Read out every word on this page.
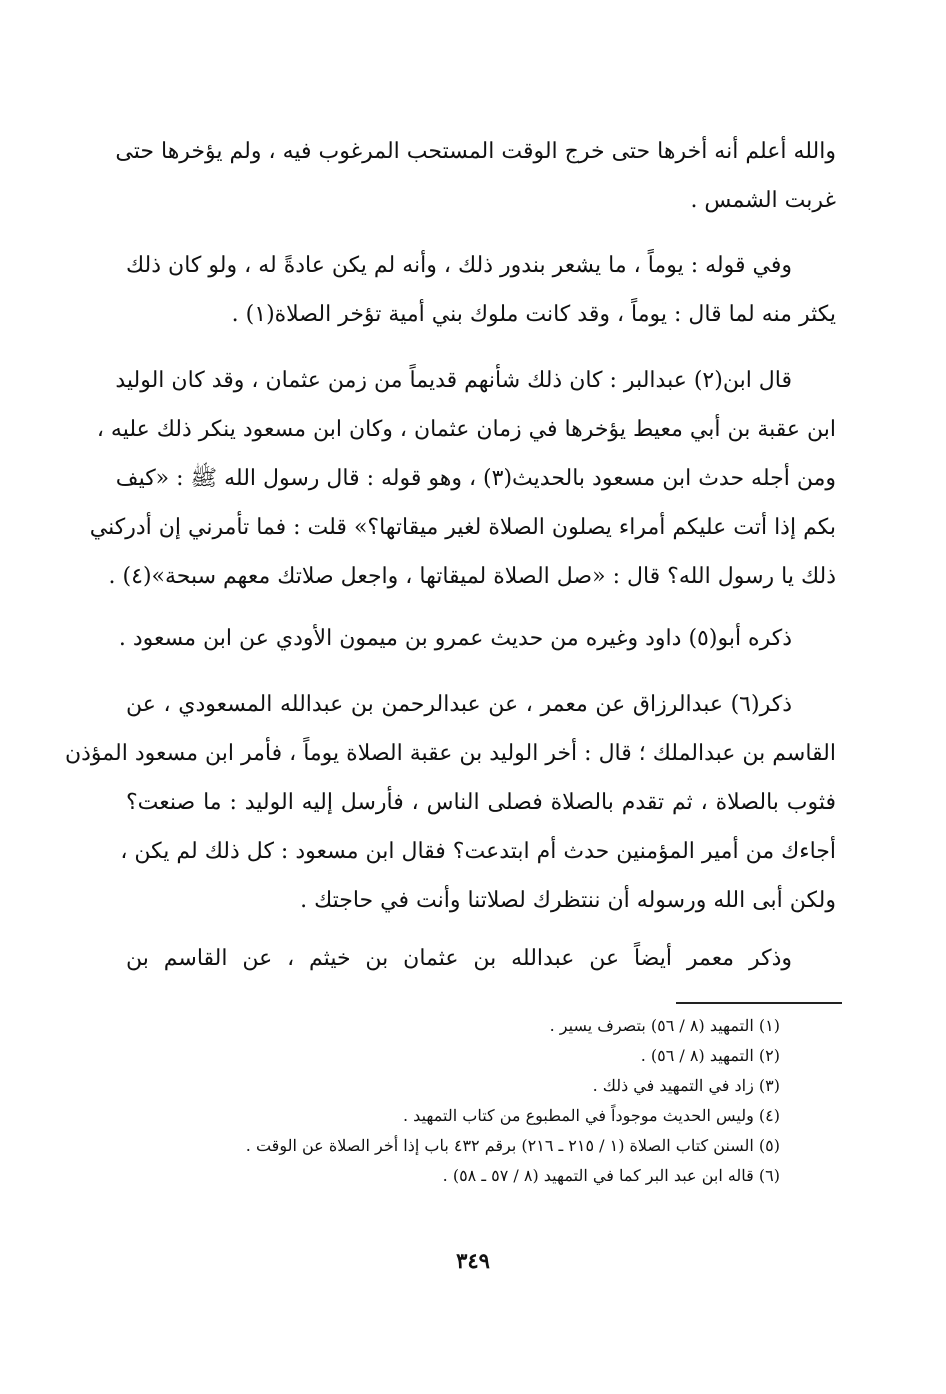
والله أعلم أنه أخرها حتى خرج الوقت المستحب المرغوب فيه ، ولم يؤخرها حتى
غربت الشمس .

وفي قوله : يوماً ، ما يشعر بندور ذلك ، وأنه لم يكن عادةً له ، ولو كان ذلك
يكثر منه لما قال : يوماً ، وقد كانت ملوك بني أمية تؤخر الصلاة(١) .

قال ابن(٢) عبدالبر : كان ذلك شأنهم قديماً من زمن عثمان ، وقد كان الوليد
ابن عقبة بن أبي معيط يؤخرها في زمان عثمان ، وكان ابن مسعود ينكر ذلك عليه ،
ومن أجله حدث ابن مسعود بالحديث(٣) ، وهو قوله : قال رسول الله ﷺ : «كيف
بكم إذا أتت عليكم أمراء يصلون الصلاة لغير ميقاتها؟» قلت : فما تأمرني إن أدركني
ذلك يا رسول الله؟ قال : «صل الصلاة لميقاتها ، واجعل صلاتك معهم سبحة»(٤) .

ذكره أبو(٥) داود وغيره من حديث عمرو بن ميمون الأودي عن ابن مسعود .

ذكر(٦) عبدالرزاق عن معمر ، عن عبدالرحمن بن عبدالله المسعودي ، عن
القاسم بن عبدالملك ؛ قال : أخر الوليد بن عقبة الصلاة يوماً ، فأمر ابن مسعود المؤذن
فثوب بالصلاة ، ثم تقدم بالصلاة فصلى الناس ، فأرسل إليه الوليد : ما صنعت؟
أجاءك من أمير المؤمنين حدث أم ابتدعت؟ فقال ابن مسعود : كل ذلك لم يكن ،
ولكن أبى الله ورسوله أن ننتظرك لصلاتنا وأنت في حاجتك .

وذكر معمر أيضاً عن عبدالله بن عثمان بن خيثم ، عن القاسم بن

(١) التمهيد (٨ / ٥٦) بتصرف يسير .
(٢) التمهيد (٨ / ٥٦) .
(٣) زاد في التمهيد في ذلك .
(٤) وليس الحديث موجوداً في المطبوع من كتاب التمهيد .
(٥) السنن كتاب الصلاة (١ / ٢١٥ ـ ٢١٦) برقم ٤٣٢ باب إذا أخر الصلاة عن الوقت .
(٦) قاله ابن عبد البر كما في التمهيد (٨ / ٥٧ ـ ٥٨) .
٣٤٩
